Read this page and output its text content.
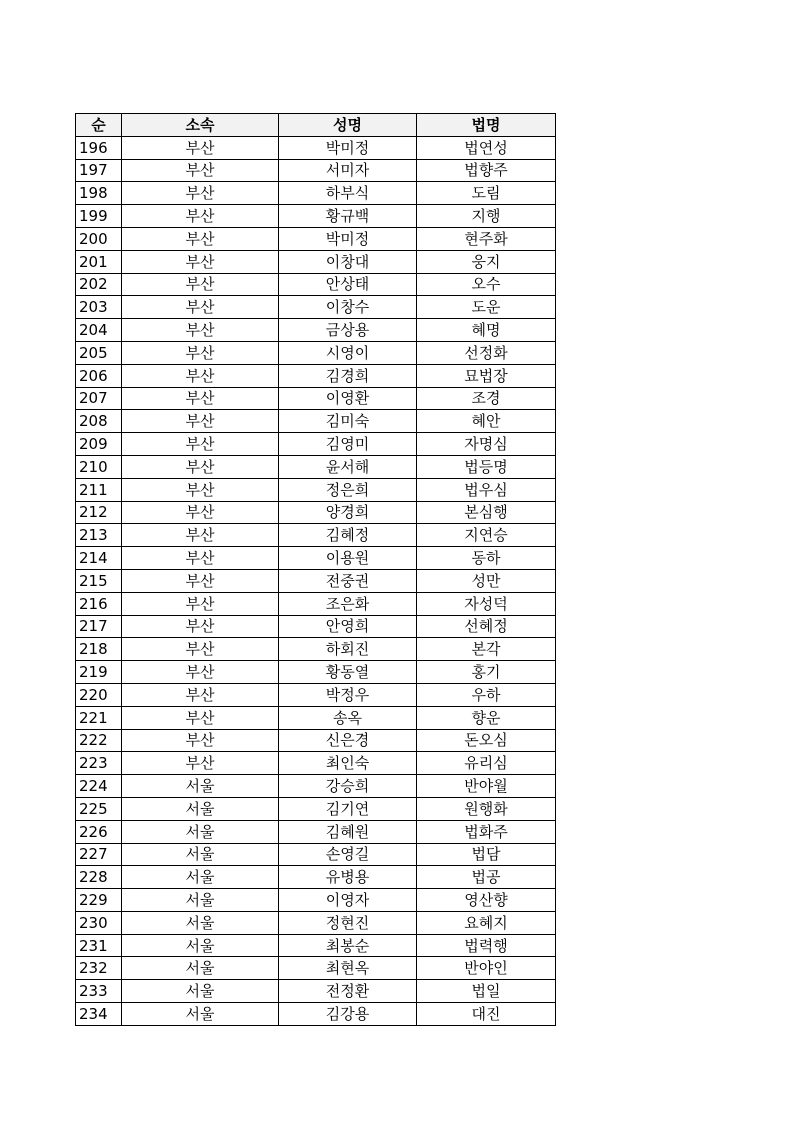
순	소속	성명	법명
196	부산	박미정	법연성
197	부산	서미자	법향주
198	부산	하부식	도림
199	부산	황규백	지행
200	부산	박미정	현주화
201	부산	이창대	웅지
202	부산	안상태	오수
203	부산	이창수	도운
204	부산	금상용	혜명
205	부산	시영이	선정화
206	부산	김경희	묘법장
207	부산	이영환	조경
208	부산	김미숙	혜안
209	부산	김영미	자명심
210	부산	윤서해	법등명
211	부산	정은희	법우심
212	부산	양경희	본심행
213	부산	김혜정	지연승
214	부산	이용원	동하
215	부산	전중권	성만
216	부산	조은화	자성덕
217	부산	안영희	선혜정
218	부산	하회진	본각
219	부산	황동열	홍기
220	부산	박정우	우하
221	부산	송옥	향운
222	부산	신은경	돈오심
223	부산	최인숙	유리심
224	서울	강승희	반야월
225	서울	김기연	원행화
226	서울	김혜원	법화주
227	서울	손영길	법담
228	서울	유병용	법공
229	서울	이영자	영산향
230	서울	정현진	요혜지
231	서울	최봉순	법력행
232	서울	최현옥	반야인
233	서울	전정환	법일
234	서울	김강용	대진
